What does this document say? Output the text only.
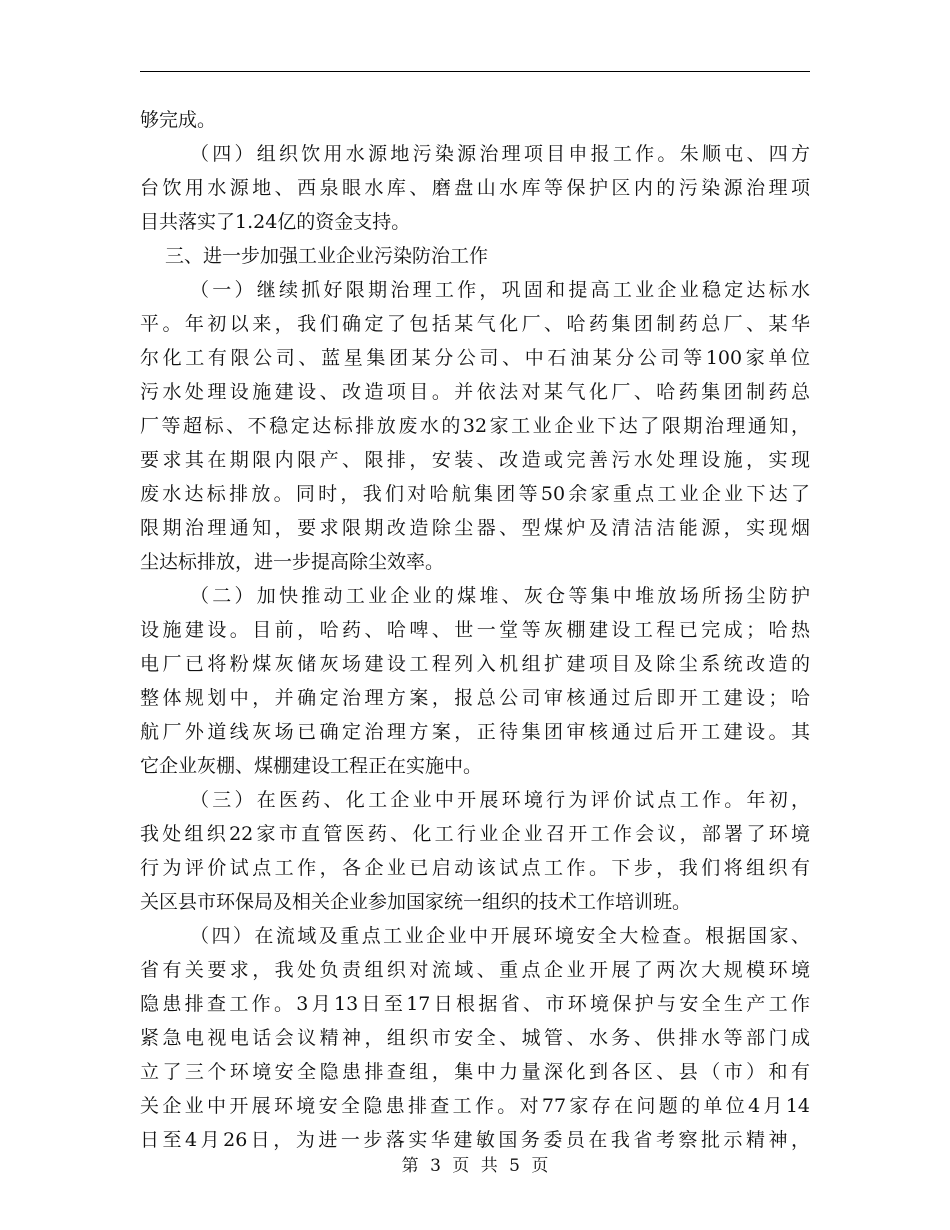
够完成。
（四）组织饮用水源地污染源治理项目申报工作。朱顺屯、四方
台饮用水源地、西泉眼水库、磨盘山水库等保护区内的污染源治理项
目共落实了1.24亿的资金支持。
三、进一步加强工业企业污染防治工作
（一）继续抓好限期治理工作，巩固和提高工业企业稳定达标水
平。年初以来，我们确定了包括某气化厂、哈药集团制药总厂、某华
尔化工有限公司、蓝星集团某分公司、中石油某分公司等100家单位
污水处理设施建设、改造项目。并依法对某气化厂、哈药集团制药总
厂等超标、不稳定达标排放废水的32家工业企业下达了限期治理通知，
要求其在期限内限产、限排，安装、改造或完善污水处理设施，实现
废水达标排放。同时，我们对哈航集团等50余家重点工业企业下达了
限期治理通知，要求限期改造除尘器、型煤炉及清洁洁能源，实现烟
尘达标排放，进一步提高除尘效率。
（二）加快推动工业企业的煤堆、灰仓等集中堆放场所扬尘防护
设施建设。目前，哈药、哈啤、世一堂等灰棚建设工程已完成；哈热
电厂已将粉煤灰储灰场建设工程列入机组扩建项目及除尘系统改造的
整体规划中，并确定治理方案，报总公司审核通过后即开工建设；哈
航厂外道线灰场已确定治理方案，正待集团审核通过后开工建设。其
它企业灰棚、煤棚建设工程正在实施中。
（三）在医药、化工企业中开展环境行为评价试点工作。年初，
我处组织22家市直管医药、化工行业企业召开工作会议，部署了环境
行为评价试点工作，各企业已启动该试点工作。下步，我们将组织有
关区县市环保局及相关企业参加国家统一组织的技术工作培训班。
（四）在流域及重点工业企业中开展环境安全大检查。根据国家、
省有关要求，我处负责组织对流域、重点企业开展了两次大规模环境
隐患排查工作。3月13日至17日根据省、市环境保护与安全生产工作
紧急电视电话会议精神，组织市安全、城管、水务、供排水等部门成
立了三个环境安全隐患排查组，集中力量深化到各区、县（市）和有
关企业中开展环境安全隐患排查工作。对77家存在问题的单位4月14
日至4月26日，为进一步落实华建敏国务委员在我省考察批示精神，
第 3 页 共 5 页
